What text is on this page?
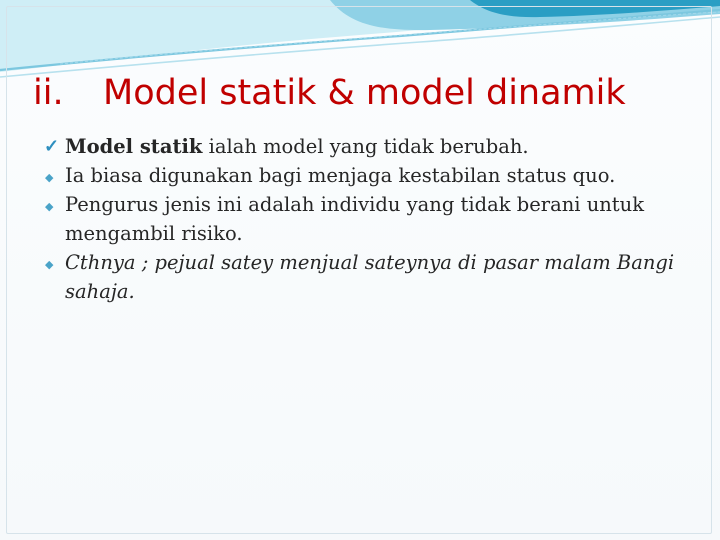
ii. Model statik & model dinamik

✓ Model statik ialah model yang tidak berubah.

◆ Ia biasa digunakan bagi menjaga kestabilan status quo.

◆ Pengurus jenis ini adalah individu yang tidak berani untuk mengambil risiko.

◆ Cthnya ; pejual satey menjual sateynya di pasar malam Bangi sahaja.
